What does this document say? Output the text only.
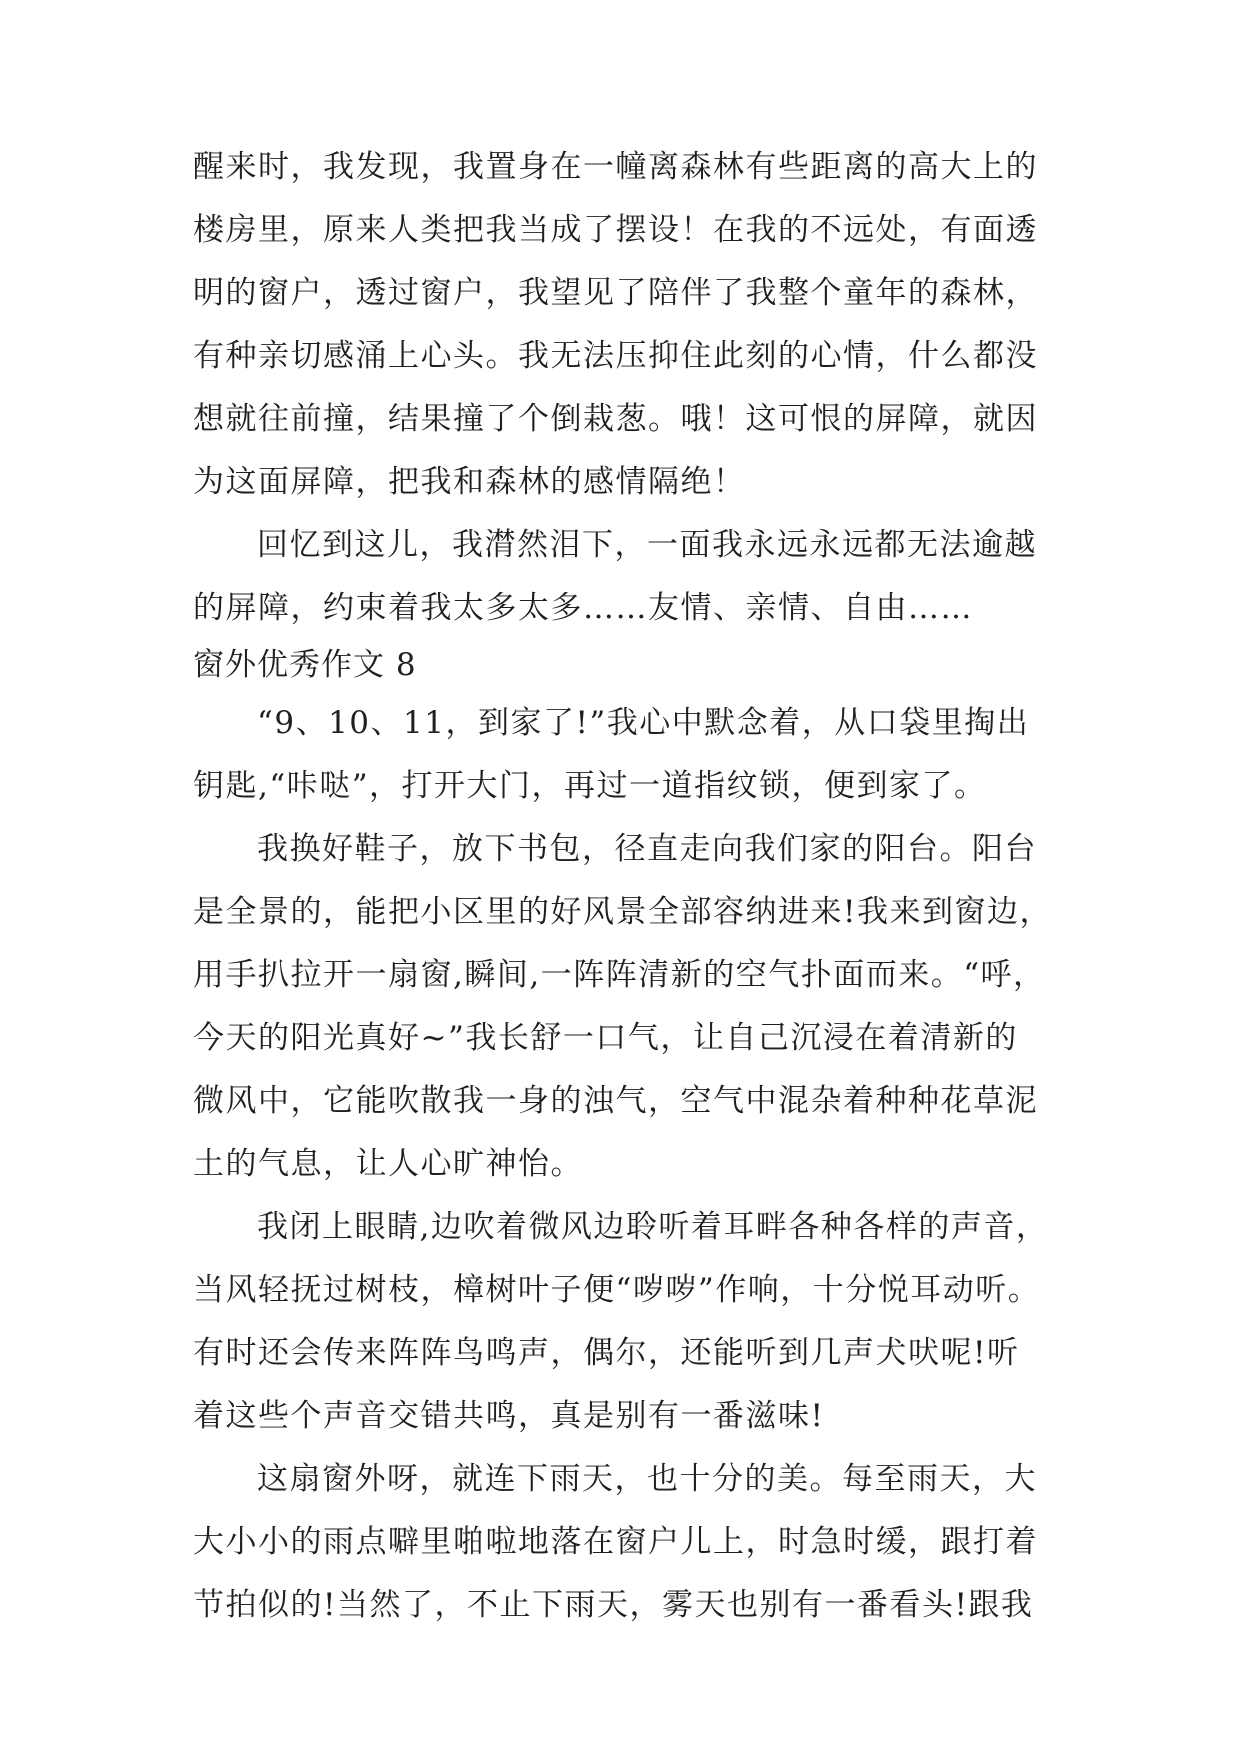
醒来时，我发现，我置身在一幢离森林有些距离的高大上的

楼房里，原来人类把我当成了摆设！在我的不远处，有面透

明的窗户，透过窗户，我望见了陪伴了我整个童年的森林，

有种亲切感涌上心头。我无法压抑住此刻的心情，什么都没

想就往前撞，结果撞了个倒栽葱。哦！这可恨的屏障，就因

为这面屏障，把我和森林的感情隔绝！

回忆到这儿，我潸然泪下，一面我永远永远都无法逾越

的屏障，约束着我太多太多……友情、亲情、自由……

窗外优秀作文 8

“9、10、11，到家了!”我心中默念着，从口袋里掏出

钥匙,“咔哒”，打开大门，再过一道指纹锁，便到家了。

我换好鞋子，放下书包，径直走向我们家的阳台。阳台

是全景的，能把小区里的好风景全部容纳进来!我来到窗边，

用手扒拉开一扇窗,瞬间,一阵阵清新的空气扑面而来。“呼，

今天的阳光真好~”我长舒一口气，让自己沉浸在着清新的

微风中，它能吹散我一身的浊气，空气中混杂着种种花草泥

土的气息，让人心旷神怡。

我闭上眼睛,边吹着微风边聆听着耳畔各种各样的声音，

当风轻抚过树枝，樟树叶子便“哕哕”作响，十分悦耳动听。

有时还会传来阵阵鸟鸣声，偶尔，还能听到几声犬吠呢!听

着这些个声音交错共鸣，真是别有一番滋味!

这扇窗外呀，就连下雨天，也十分的美。每至雨天，大

大小小的雨点噼里啪啦地落在窗户儿上，时急时缓，跟打着

节拍似的!当然了，不止下雨天，雾天也别有一番看头!跟我
